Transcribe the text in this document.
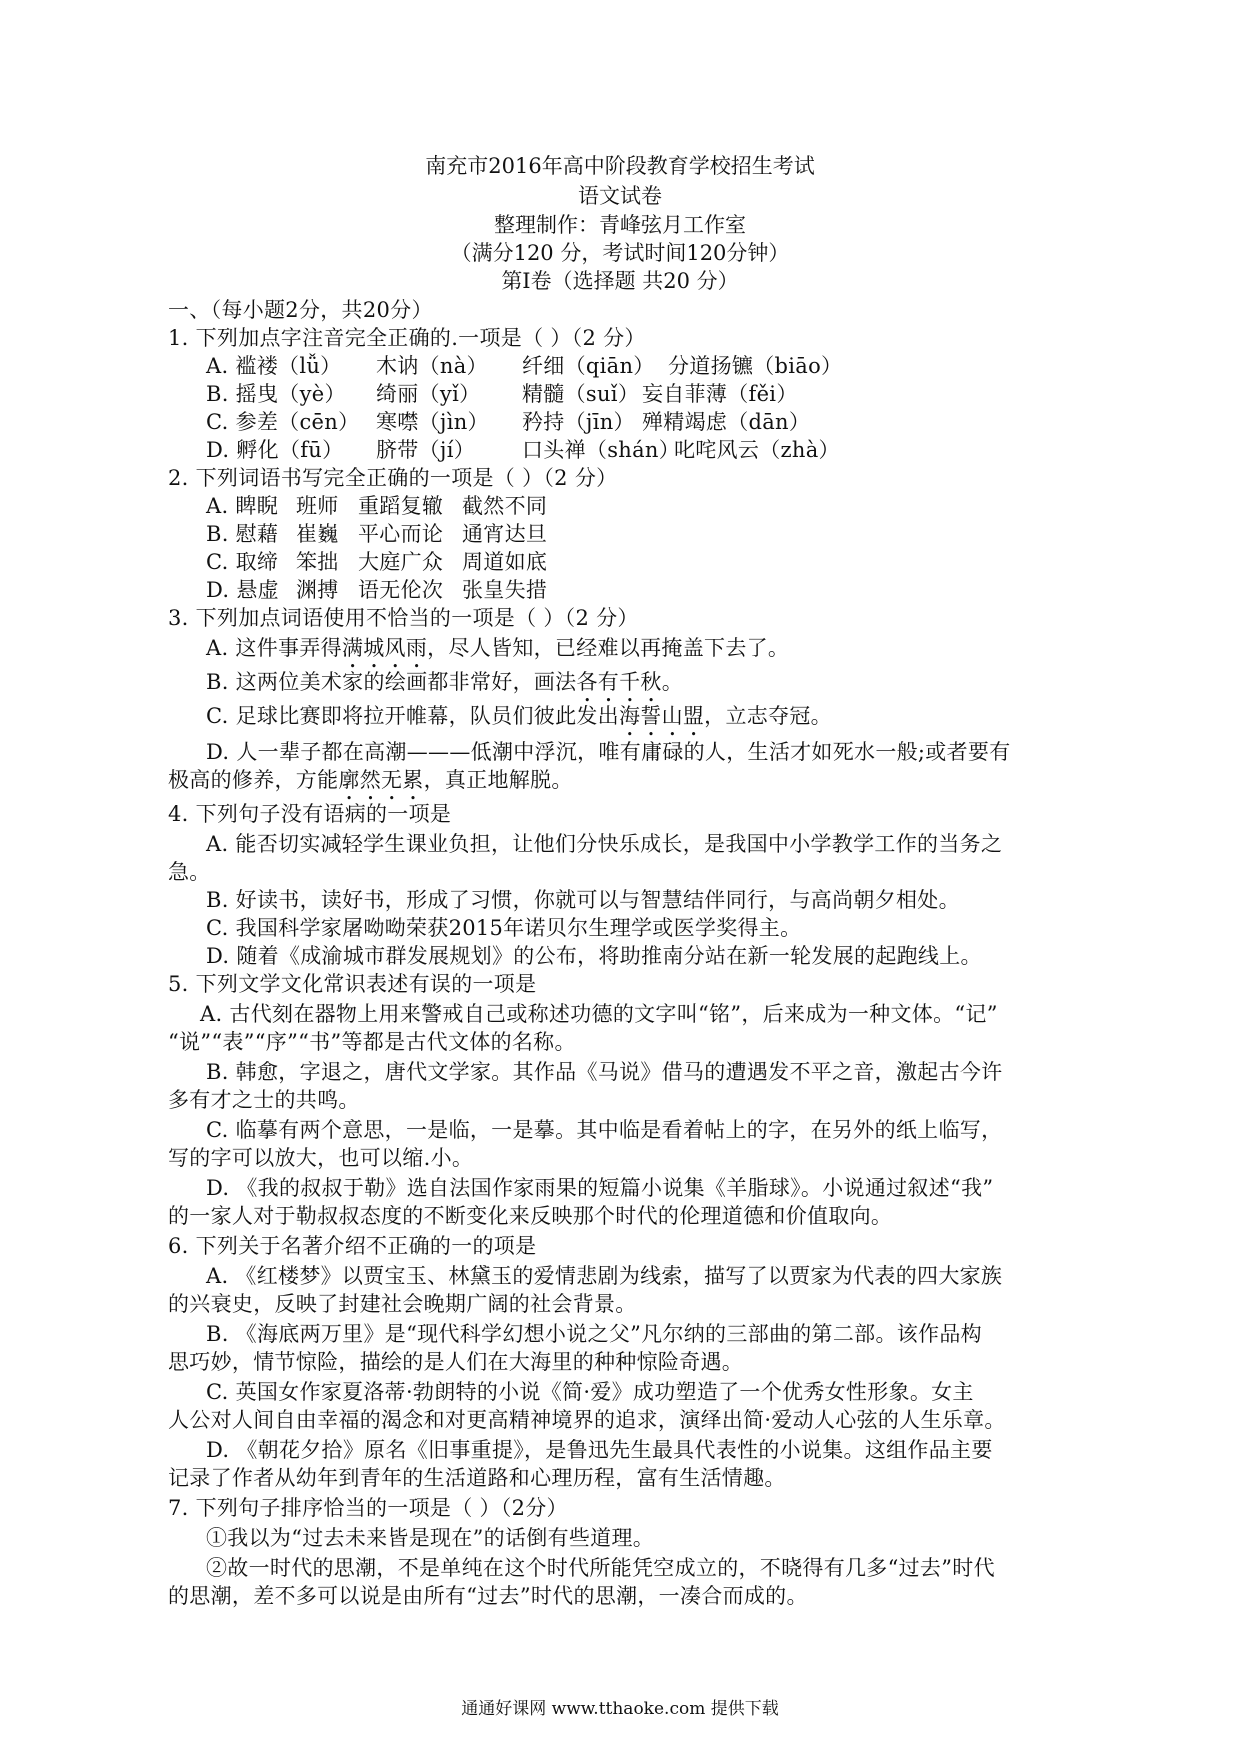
南充市2016年高中阶段教育学校招生考试
语文试卷
整理制作：青峰弦月工作室
（满分120 分，考试时间120分钟）
第Ⅰ卷（选择题 共20 分）
一、（每小题2分，共20分）
1. 下列加点字注音完全正确的.一项是（ ）（2 分）
A. 褴褛（lǚ） 木讷（nà） 纤细（qiān） 分道扬镳（biāo）
B. 摇曳（yè） 绮丽（yǐ） 精髓（suǐ） 妄自菲薄（fěi）
C. 参差（cēn） 寒噤（jìn） 矜持（jīn） 殚精竭虑（dān）
D. 孵化（fū） 脐带（jí） 口头禅（shán）叱咤风云（zhà）
2. 下列词语书写完全正确的一项是（ ）（2 分）
A. 睥睨 班师 重蹈复辙 截然不同
B. 慰藉 崔巍 平心而论 通宵达旦
C. 取缔 笨拙 大庭广众 周道如底
D. 悬虚 渊搏 语无伦次 张皇失措
3. 下列加点词语使用不恰当的一项是（ ）（2 分）
A. 这件事弄得满城风雨，尽人皆知，已经难以再掩盖下去了。
B. 这两位美术家的绘画都非常好，画法各有千秋。
C. 足球比赛即将拉开帷幕，队员们彼此发出海誓山盟，立志夺冠。
D. 人一辈子都在高潮———低潮中浮沉，唯有庸碌的人，生活才如死水一般;或者要有
极高的修养，方能廓然无累，真正地解脱。
4. 下列句子没有语病的一项是
A. 能否切实减轻学生课业负担，让他们分快乐成长，是我国中小学教学工作的当务之
急。
B. 好读书，读好书，形成了习惯，你就可以与智慧结伴同行，与高尚朝夕相处。
C. 我国科学家屠呦呦荣获2015年诺贝尔生理学或医学奖得主。
D. 随着《成渝城市群发展规划》的公布，将助推南分站在新一轮发展的起跑线上。
5. 下列文学文化常识表述有误的一项是
A. 古代刻在器物上用来警戒自己或称述功德的文字叫“铭”，后来成为一种文体。“记”
“说”“表”“序”“书”等都是古代文体的名称。
B. 韩愈，字退之，唐代文学家。其作品《马说》借马的遭遇发不平之音，激起古今许
多有才之士的共鸣。
C. 临摹有两个意思，一是临，一是摹。其中临是看着帖上的字，在另外的纸上临写，
写的字可以放大，也可以缩.小。
D. 《我的叔叔于勒》选自法国作家雨果的短篇小说集《羊脂球》。小说通过叙述“我”
的一家人对于勒叔叔态度的不断变化来反映那个时代的伦理道德和价值取向。
6. 下列关于名著介绍不正确的一的项是
A. 《红楼梦》以贾宝玉、林黛玉的爱情悲剧为线索，描写了以贾家为代表的四大家族
的兴衰史，反映了封建社会晚期广阔的社会背景。
B. 《海底两万里》是“现代科学幻想小说之父”凡尔纳的三部曲的第二部。该作品构
思巧妙，情节惊险，描绘的是人们在大海里的种种惊险奇遇。
C. 英国女作家夏洛蒂·勃朗特的小说《简·爱》成功塑造了一个优秀女性形象。女主
人公对人间自由幸福的渴念和对更高精神境界的追求，演绎出简·爱动人心弦的人生乐章。
D. 《朝花夕拾》原名《旧事重提》，是鲁迅先生最具代表性的小说集。这组作品主要
记录了作者从幼年到青年的生活道路和心理历程，富有生活情趣。
7. 下列句子排序恰当的一项是（ ）（2分）
①我以为“过去未来皆是现在”的话倒有些道理。
②故一时代的思潮，不是单纯在这个时代所能凭空成立的，不晓得有几多“过去”时代
的思潮，差不多可以说是由所有“过去”时代的思潮，一凑合而成的。
通通好课网 www.tthaoke.com 提供下载
